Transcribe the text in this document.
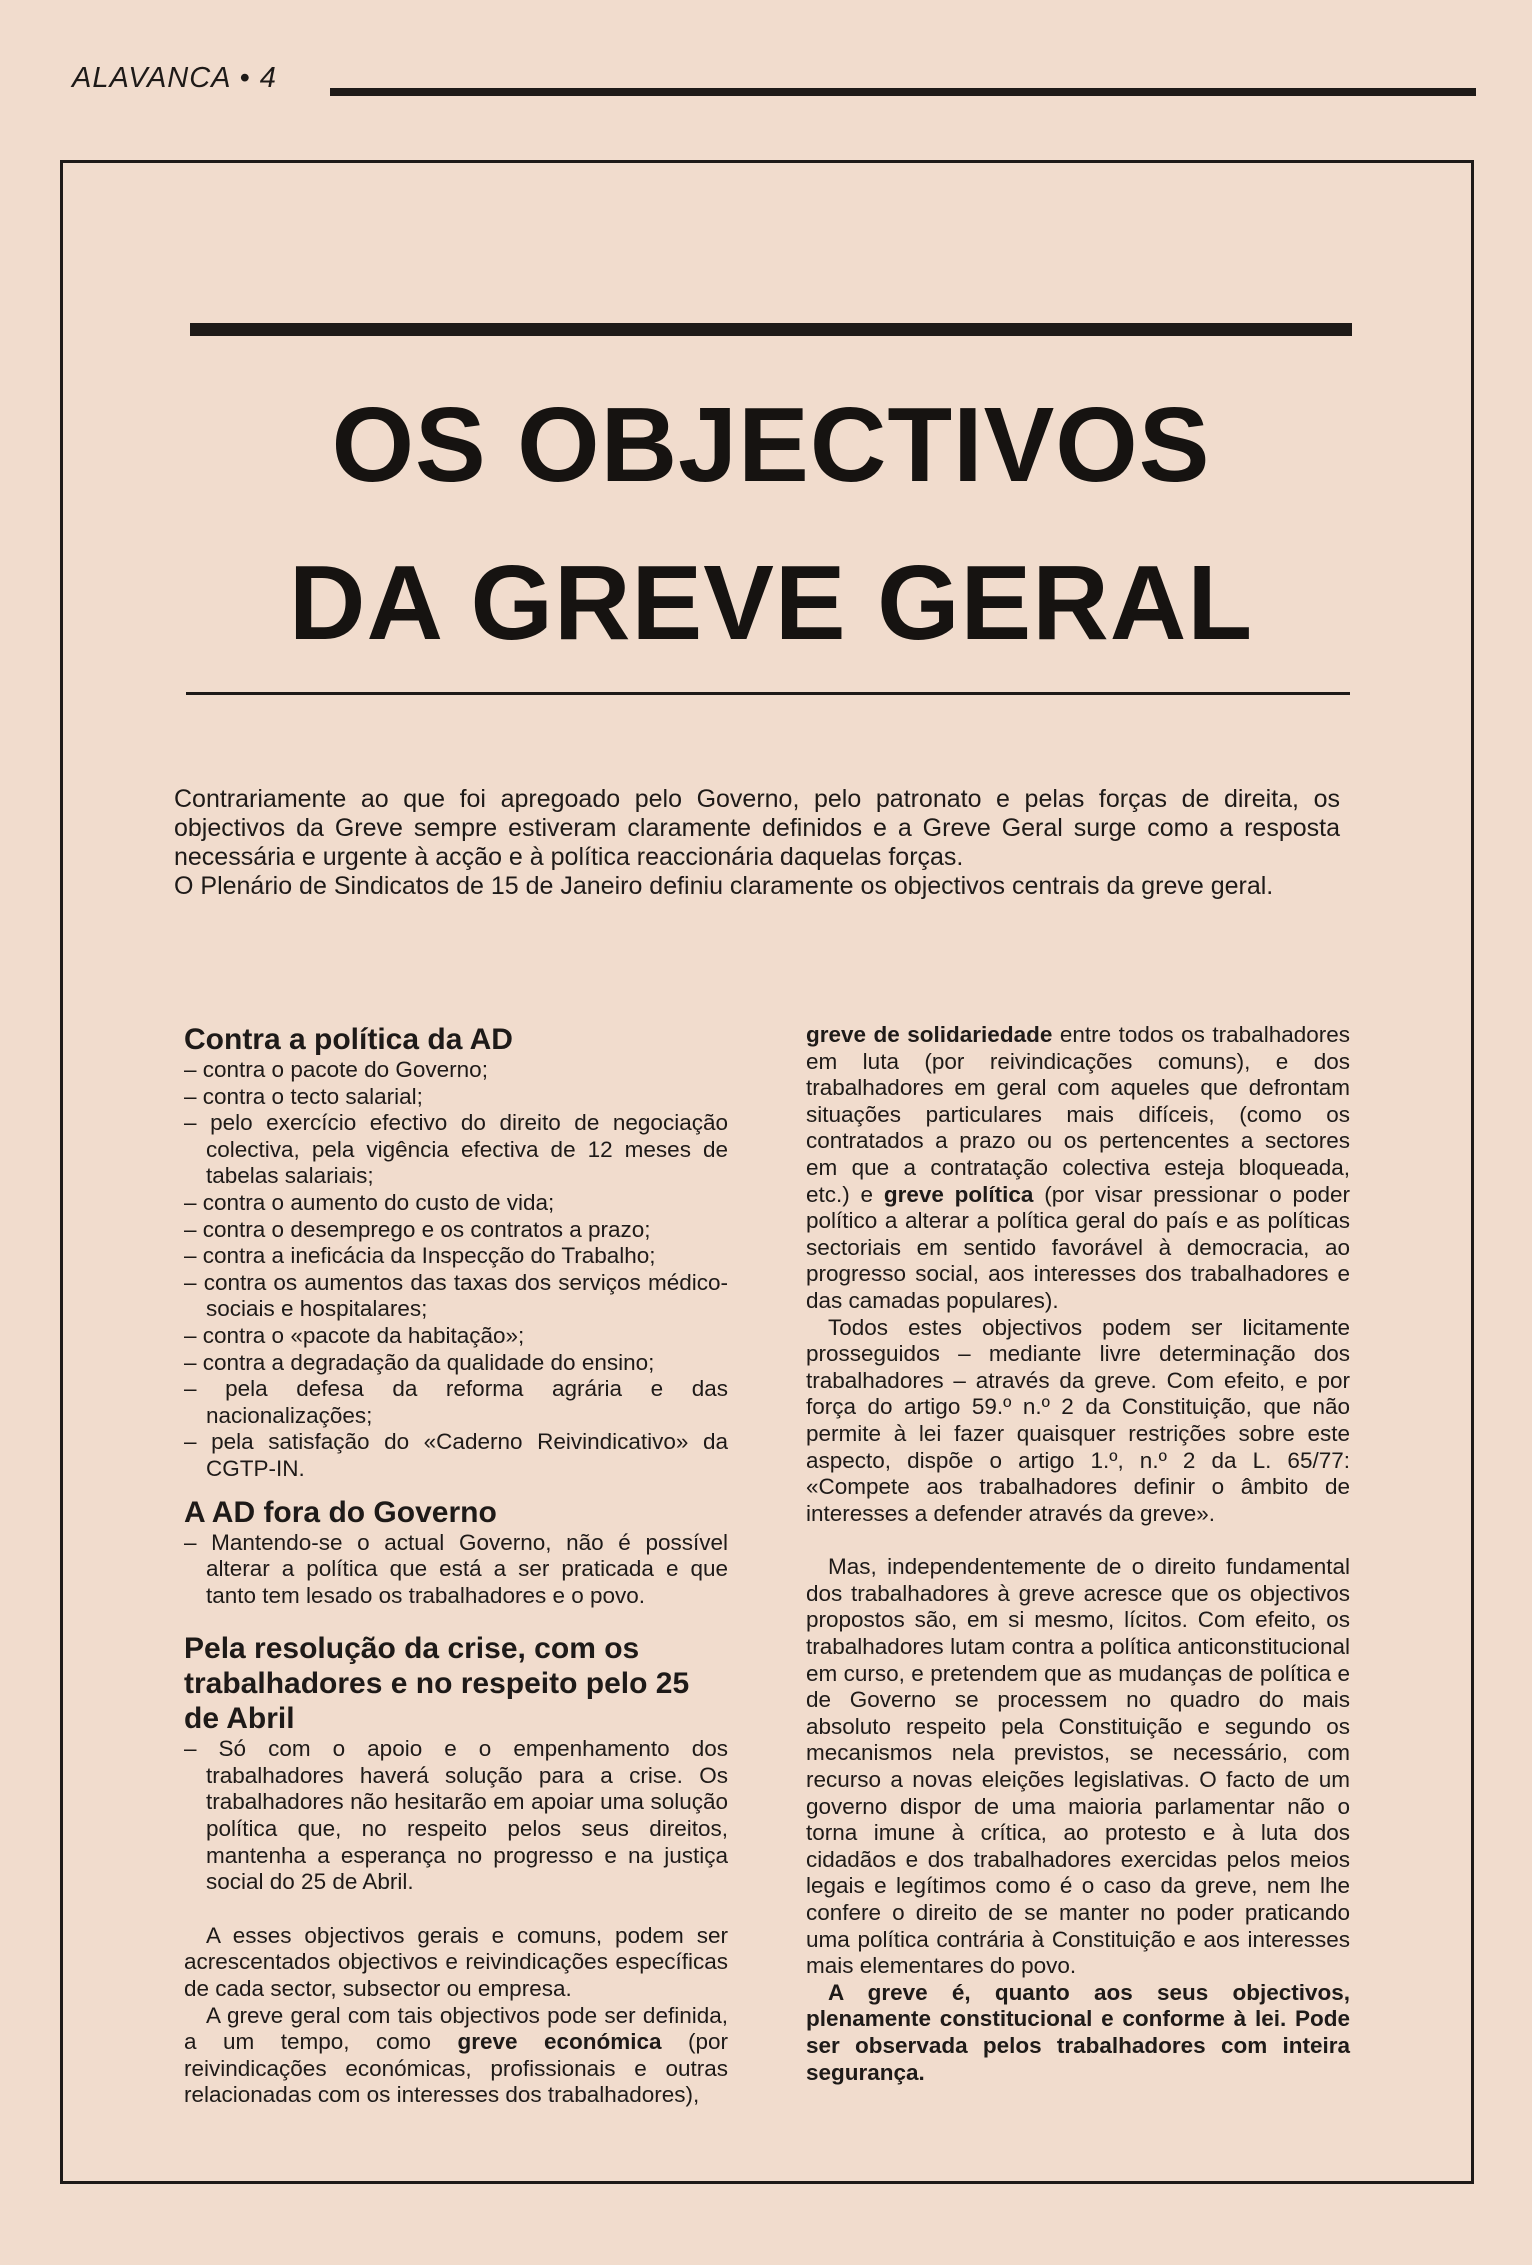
ALAVANCA • 4
OS OBJECTIVOS
DA GREVE GERAL

Contrariamente ao que foi apregoado pelo Governo, pelo patronato e pelas forças de direita, os objectivos da Greve sempre estiveram claramente definidos e a Greve Geral surge como a resposta necessária e urgente à acção e à política reaccionária daquelas forças.

O Plenário de Sindicatos de 15 de Janeiro definiu claramente os objectivos centrais da greve geral.

Contra a política da AD
– contra o pacote do Governo;
– contra o tecto salarial;
– pelo exercício efectivo do direito de negociação colectiva, pela vigência efectiva de 12 meses de tabelas salariais;
– contra o aumento do custo de vida;
– contra o desemprego e os contratos a prazo;
– contra a ineficácia da Inspecção do Trabalho;
– contra os aumentos das taxas dos serviços médico-sociais e hospitalares;
– contra o «pacote da habitação»;
– contra a degradação da qualidade do ensino;
– pela defesa da reforma agrária e das nacionalizações;
– pela satisfação do «Caderno Reivindicativo» da CGTP-IN.
A AD fora do Governo
– Mantendo-se o actual Governo, não é possível alterar a política que está a ser praticada e que tanto tem lesado os trabalhadores e o povo.
Pela resolução da crise, com os trabalhadores e no respeito pelo 25 de Abril
– Só com o apoio e o empenhamento dos trabalhadores haverá solução para a crise. Os trabalhadores não hesitarão em apoiar uma solução política que, no respeito pelos seus direitos, mantenha a esperança no progresso e na justiça social do 25 de Abril.

A esses objectivos gerais e comuns, podem ser acrescentados objectivos e reivindicações específicas de cada sector, subsector ou empresa.

A greve geral com tais objectivos pode ser definida, a um tempo, como greve económica (por reivindicações económicas, profissionais e outras relacionadas com os interesses dos trabalhadores),

greve de solidariedade entre todos os trabalhadores em luta (por reivindicações comuns), e dos trabalhadores em geral com aqueles que defrontam situações particulares mais difíceis, (como os contratados a prazo ou os pertencentes a sectores em que a contratação colectiva esteja bloqueada, etc.) e greve política (por visar pressionar o poder político a alterar a política geral do país e as políticas sectoriais em sentido favorável à democracia, ao progresso social, aos interesses dos trabalhadores e das camadas populares).

Todos estes objectivos podem ser licitamente prosseguidos – mediante livre determinação dos trabalhadores – através da greve. Com efeito, e por força do artigo 59.º n.º 2 da Constituição, que não permite à lei fazer quaisquer restrições sobre este aspecto, dispõe o artigo 1.º, n.º 2 da L. 65/77: «Compete aos trabalhadores definir o âmbito de interesses a defender através da greve».

Mas, independentemente de o direito fundamental dos trabalhadores à greve acresce que os objectivos propostos são, em si mesmo, lícitos. Com efeito, os trabalhadores lutam contra a política anticonstitucional em curso, e pretendem que as mudanças de política e de Governo se processem no quadro do mais absoluto respeito pela Constituição e segundo os mecanismos nela previstos, se necessário, com recurso a novas eleições legislativas. O facto de um governo dispor de uma maioria parlamentar não o torna imune à crítica, ao protesto e à luta dos cidadãos e dos trabalhadores exercidas pelos meios legais e legítimos como é o caso da greve, nem lhe confere o direito de se manter no poder praticando uma política contrária à Constituição e aos interesses mais elementares do povo.

A greve é, quanto aos seus objectivos, plenamente constitucional e conforme à lei. Pode ser observada pelos trabalhadores com inteira segurança.
